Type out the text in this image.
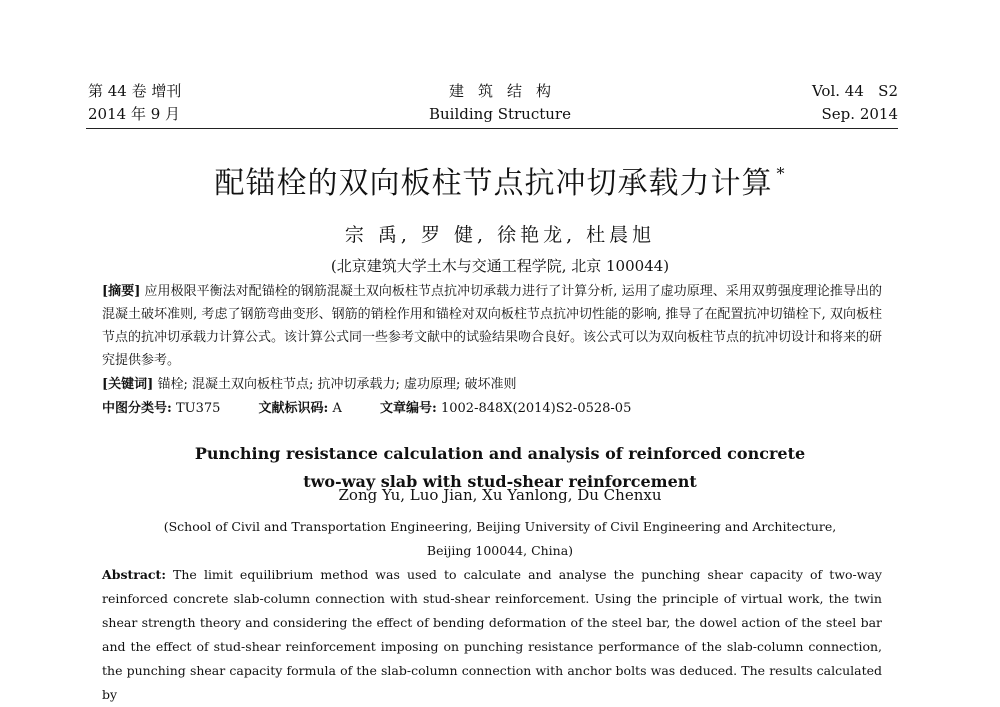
第 44 卷 增刊
2014 年 9 月
建筑结构
Building Structure
Vol. 44   S2
Sep. 2014
配锚栓的双向板柱节点抗冲切承载力计算 *
宗 禹, 罗 健, 徐艳龙, 杜晨旭
(北京建筑大学土木与交通工程学院, 北京 100044)
[摘要] 应用极限平衡法对配锚栓的钢筋混凝土双向板柱节点抗冲切承载力进行了计算分析, 运用了虚功原理、采用双剪强度理论推导出的混凝土破坏准则, 考虑了钢筋弯曲变形、钢筋的销栓作用和锚栓对双向板柱节点抗冲切性能的影响, 推导了在配置抗冲切锚栓下, 双向板柱节点的抗冲切承载力计算公式。该计算公式同一些参考文献中的试验结果吻合良好。该公式可以为双向板柱节点的抗冲切设计和将来的研究提供参考。
[关键词] 锚栓; 混凝土双向板柱节点; 抗冲切承载力; 虚功原理; 破坏准则
中图分类号: TU375	文献标识码: A	文章编号: 1002-848X(2014)S2-0528-05
Punching resistance calculation and analysis of reinforced concrete
two-way slab with stud-shear reinforcement
Zong Yu, Luo Jian, Xu Yanlong, Du Chenxu
(School of Civil and Transportation Engineering, Beijing University of Civil Engineering and Architecture,
Beijing 100044, China)
Abstract: The limit equilibrium method was used to calculate and analyse the punching shear capacity of two-way reinforced concrete slab-column connection with stud-shear reinforcement. Using the principle of virtual work, the twin shear strength theory and considering the effect of bending deformation of the steel bar, the dowel action of the steel bar and the effect of stud-shear reinforcement imposing on punching resistance performance of the slab-column connection, the punching shear capacity formula of the slab-column connection with anchor bolts was deduced. The results calculated by
